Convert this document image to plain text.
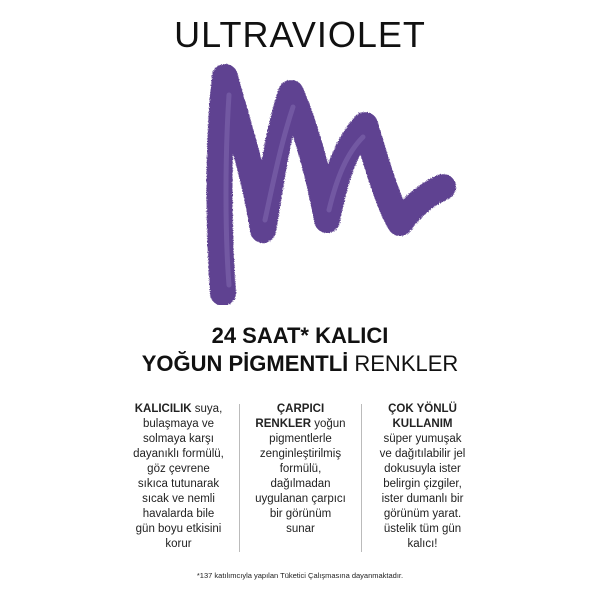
ULTRAVIOLET
24 SAAT* KALICI
YOĞUN PİGMENTLİ RENKLER
KALICILIK suya,
bulaşmaya ve
solmaya karşı
dayanıklı formülü,
göz çevrene
sıkıca tutunarak
sıcak ve nemli
havalarda bile
gün boyu etkisini
korur
ÇARPICI
RENKLER yoğun
pigmentlerle
zenginleştirilmiş
formülü,
dağılmadan
uygulanan çarpıcı
bir görünüm
sunar
ÇOK YÖNLÜ
KULLANIM
süper yumuşak
ve dağıtılabilir jel
dokusuyla ister
belirgin çizgiler,
ister dumanlı bir
görünüm yarat.
üstelik tüm gün
kalıcı!
*137 katılımcıyla yapılan Tüketici Çalışmasına dayanmaktadır.
